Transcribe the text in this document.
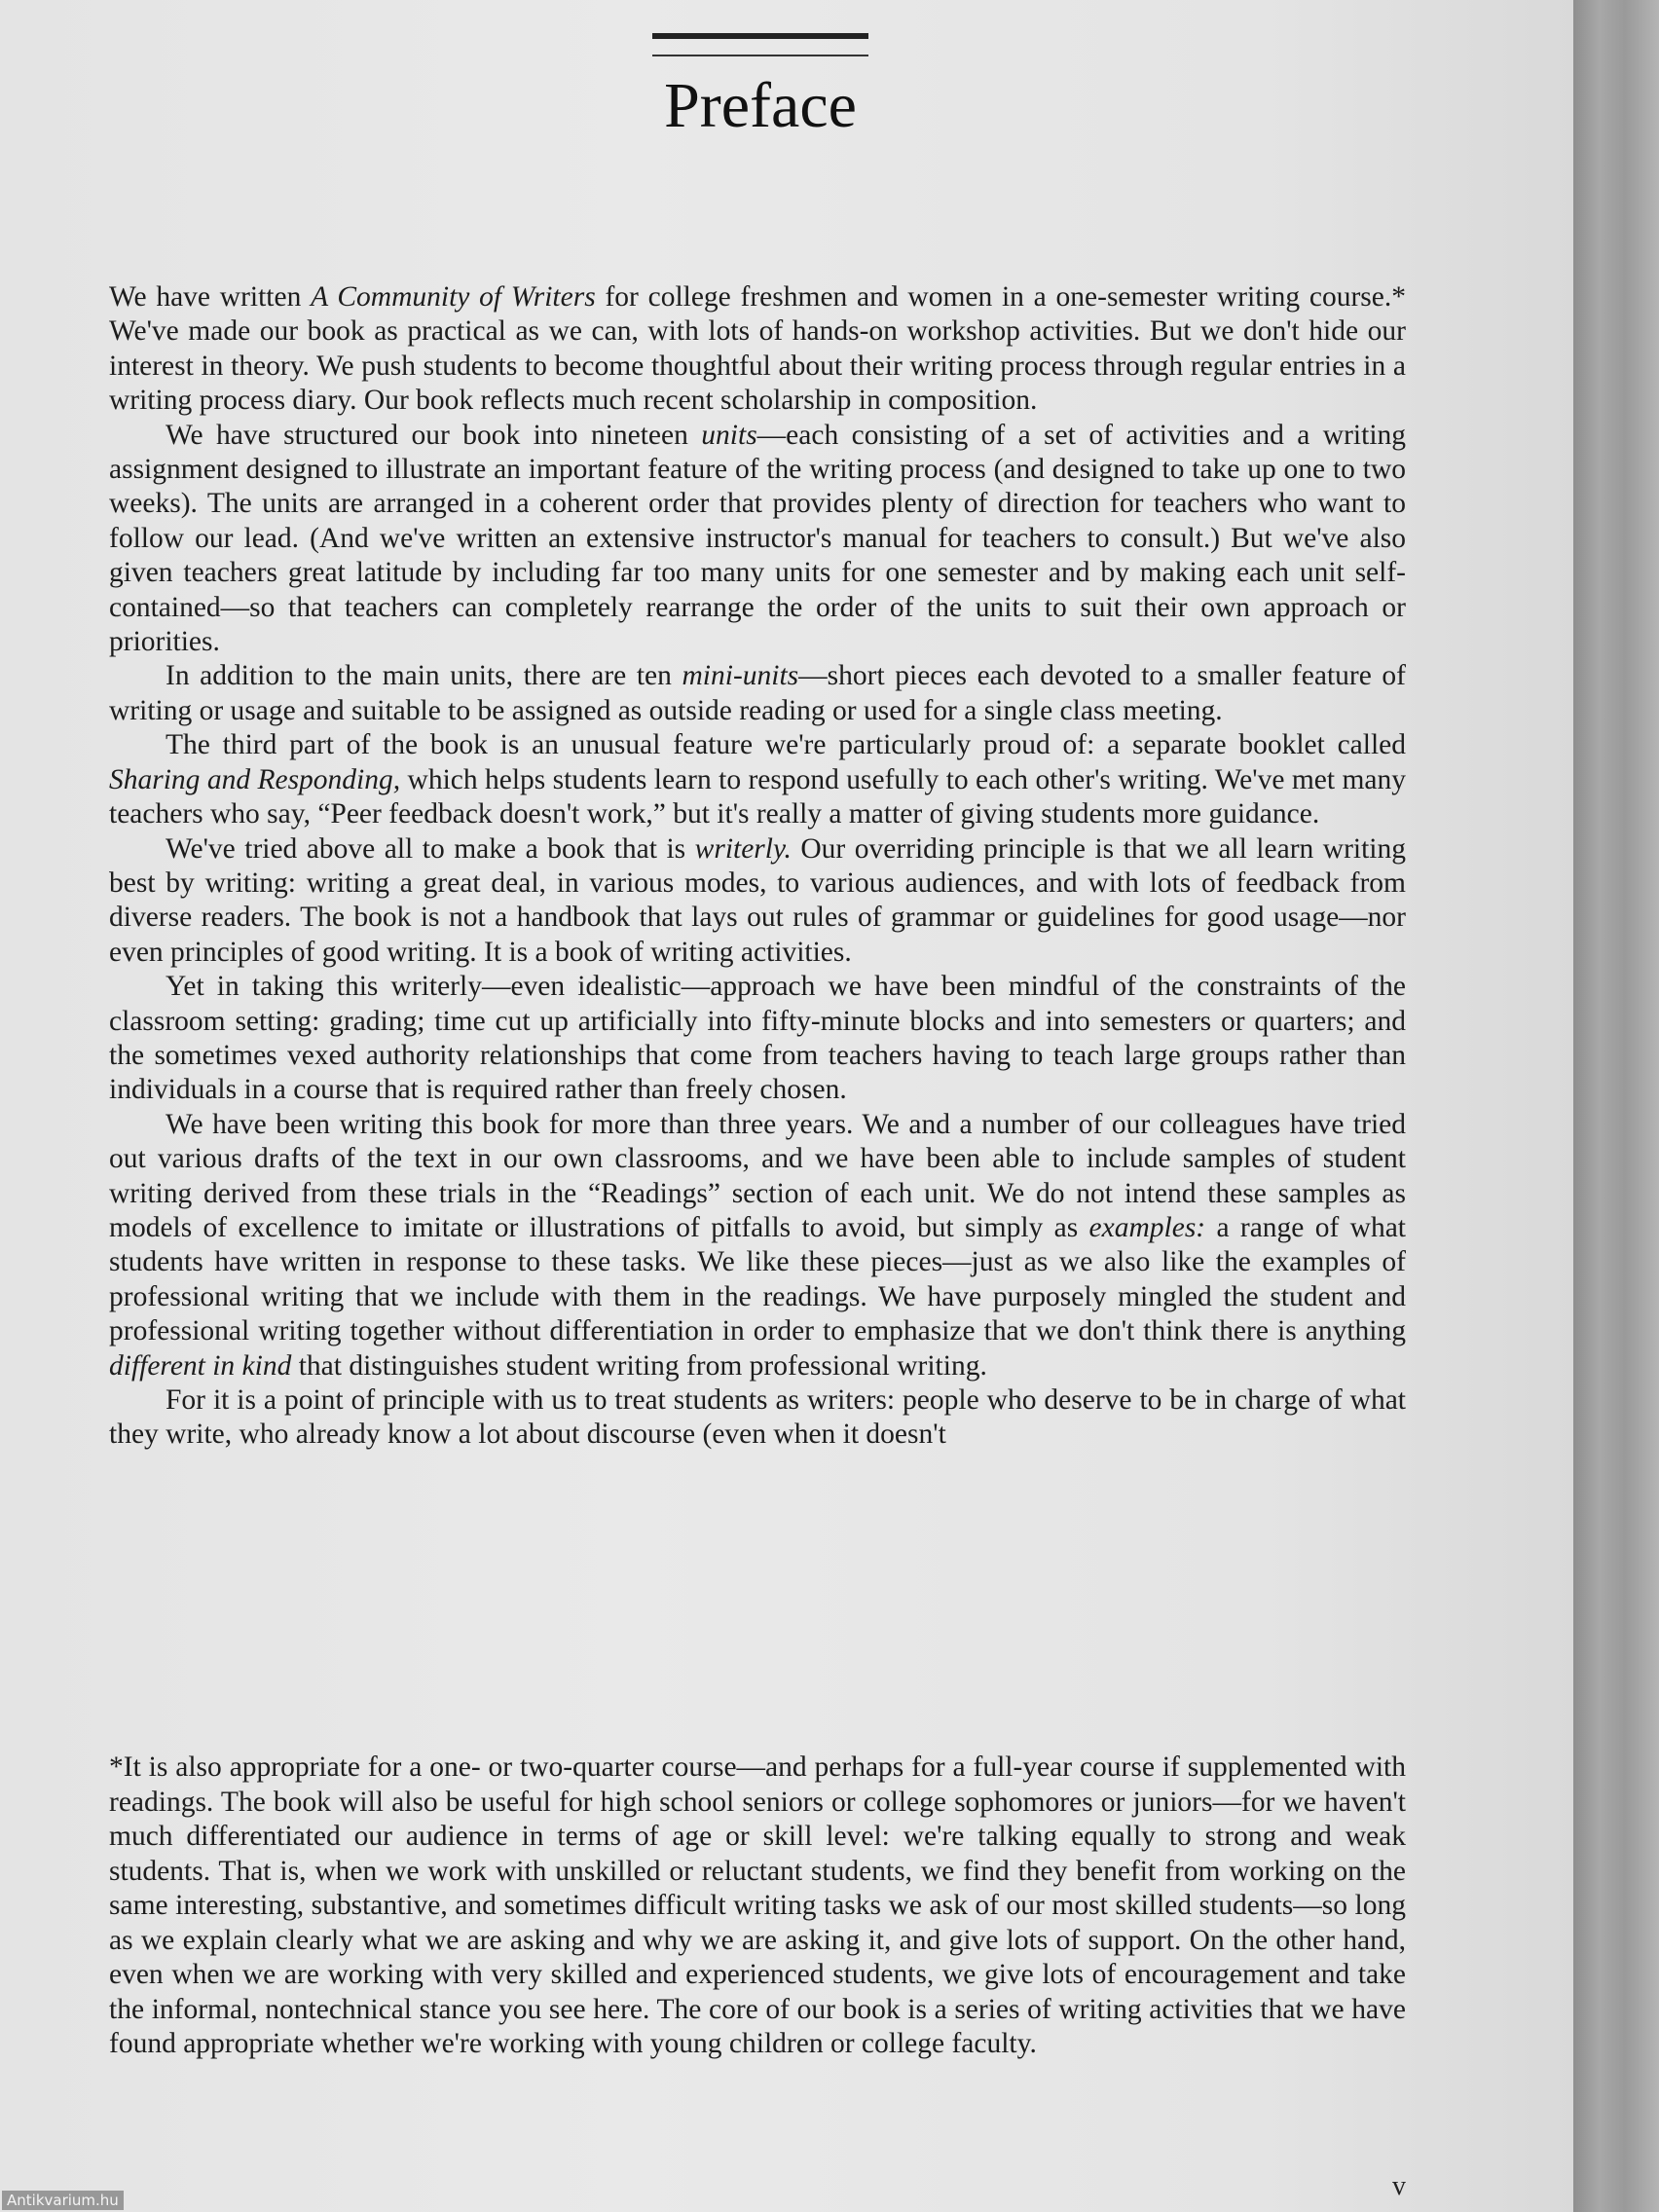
Preface

We have written A Community of Writers for college freshmen and women in a one-semester writing course.* We've made our book as practical as we can, with lots of hands-on workshop activities. But we don't hide our interest in theory. We push students to become thoughtful about their writing process through regular entries in a writing process diary. Our book reflects much recent scholarship in composition.

We have structured our book into nineteen units—each consisting of a set of activities and a writing assignment designed to illustrate an important feature of the writing process (and designed to take up one to two weeks). The units are arranged in a coherent order that provides plenty of direction for teachers who want to follow our lead. (And we've written an extensive instructor's manual for teachers to consult.) But we've also given teachers great latitude by including far too many units for one semester and by making each unit self-contained—so that teachers can completely rearrange the order of the units to suit their own approach or priorities.

In addition to the main units, there are ten mini-units—short pieces each devoted to a smaller feature of writing or usage and suitable to be assigned as outside reading or used for a single class meeting.

The third part of the book is an unusual feature we're particularly proud of: a separate booklet called Sharing and Responding, which helps students learn to respond usefully to each other's writing. We've met many teachers who say, “Peer feedback doesn't work,” but it's really a matter of giving students more guidance.

We've tried above all to make a book that is writerly. Our overriding principle is that we all learn writing best by writing: writing a great deal, in various modes, to various audiences, and with lots of feedback from diverse readers. The book is not a handbook that lays out rules of grammar or guidelines for good usage—nor even principles of good writing. It is a book of writing activities.

Yet in taking this writerly—even idealistic—approach we have been mindful of the constraints of the classroom setting: grading; time cut up artificially into fifty-minute blocks and into semesters or quarters; and the sometimes vexed authority relationships that come from teachers having to teach large groups rather than individuals in a course that is required rather than freely chosen.

We have been writing this book for more than three years. We and a number of our colleagues have tried out various drafts of the text in our own classrooms, and we have been able to include samples of student writing derived from these trials in the “Readings” section of each unit. We do not intend these samples as models of excellence to imitate or illustrations of pitfalls to avoid, but simply as examples: a range of what students have written in response to these tasks. We like these pieces—just as we also like the examples of professional writing that we include with them in the readings. We have purposely mingled the student and professional writing together without differentiation in order to emphasize that we don't think there is anything different in kind that distinguishes student writing from professional writing.

For it is a point of principle with us to treat students as writers: people who deserve to be in charge of what they write, who already know a lot about discourse (even when it doesn't

*It is also appropriate for a one- or two-quarter course—and perhaps for a full-year course if supplemented with readings. The book will also be useful for high school seniors or college sophomores or juniors—for we haven't much differentiated our audience in terms of age or skill level: we're talking equally to strong and weak students. That is, when we work with unskilled or reluctant students, we find they benefit from working on the same interesting, substantive, and sometimes difficult writing tasks we ask of our most skilled students—so long as we explain clearly what we are asking and why we are asking it, and give lots of support. On the other hand, even when we are working with very skilled and experienced students, we give lots of encouragement and take the informal, nontechnical stance you see here. The core of our book is a series of writing activities that we have found appropriate whether we're working with young children or college faculty.

v

Antikvarium.hu
